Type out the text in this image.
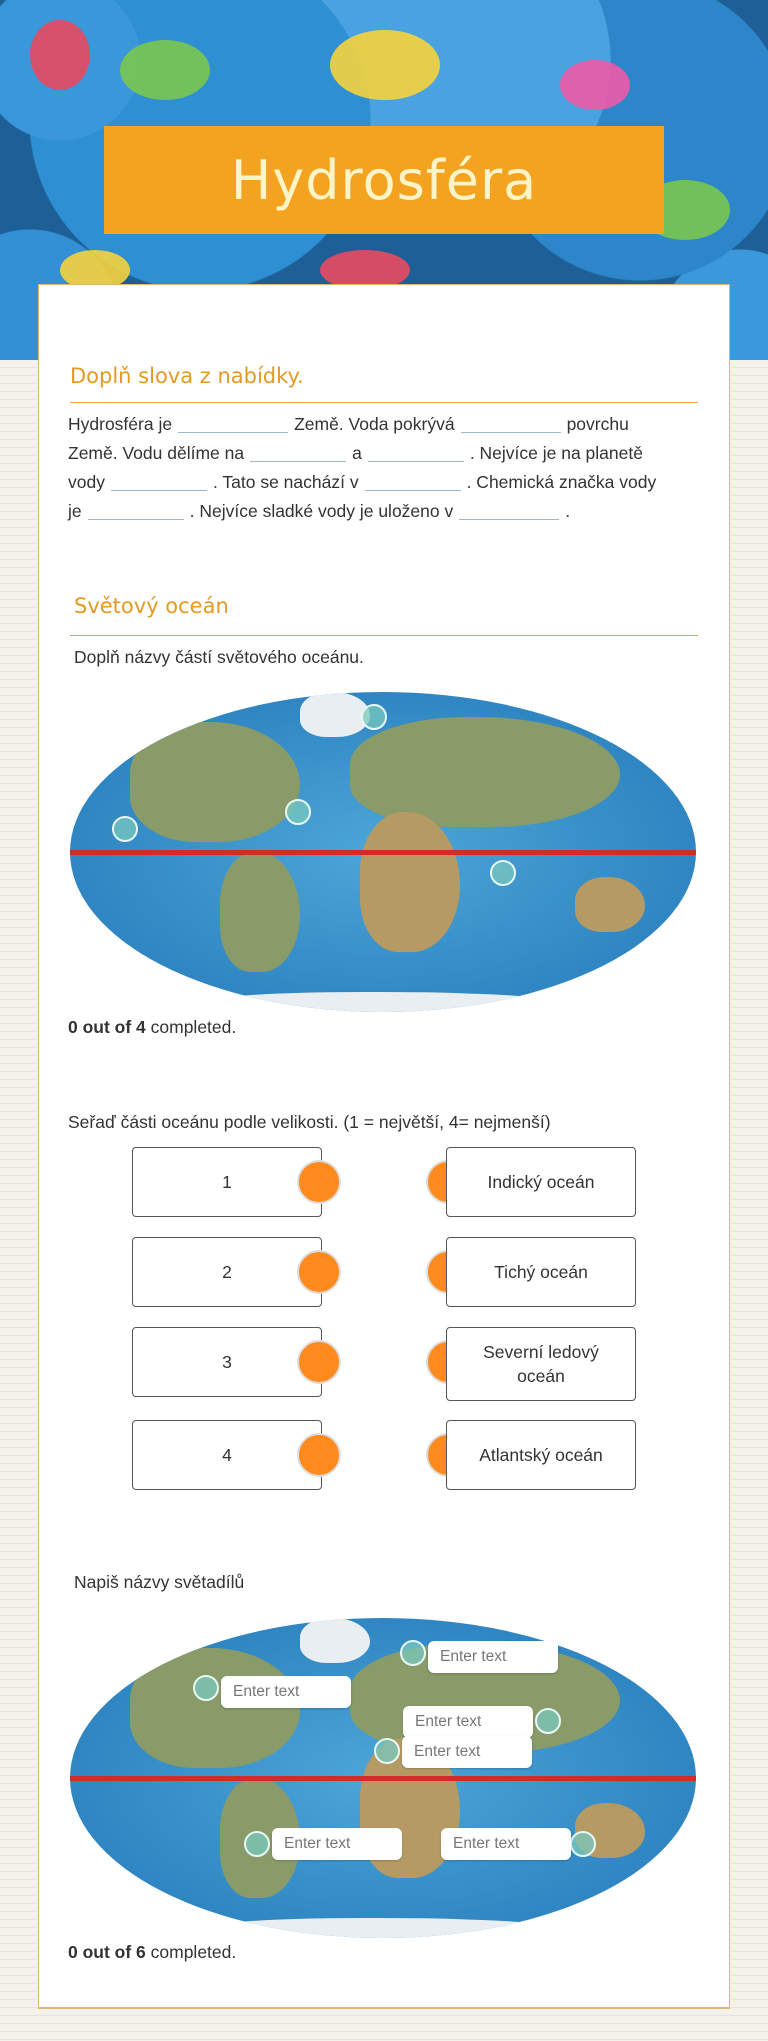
Hydrosféra
Doplň slova z nabídky.
Hydrosféra je	Země. Voda pokrývá	povrchu
Země. Vodu dělíme na	a	. Nejvíce je na planetě
vody	. Tato se nachází v	. Chemická značka vody
je	. Nejvíce sladké vody je uloženo v	.
Světový oceán
Doplň názvy částí světového oceánu.
0 out of 4 completed.
Seřaď části oceánu podle velikosti. (1 = největší, 4= nejmenší)
1	Indický oceán
2	Tichý oceán
3	Severní ledový oceán
4	Atlantský oceán
Napiš názvy světadílů
Enter text
Enter text
Enter text
Enter text
Enter text	Enter text
0 out of 6 completed.
